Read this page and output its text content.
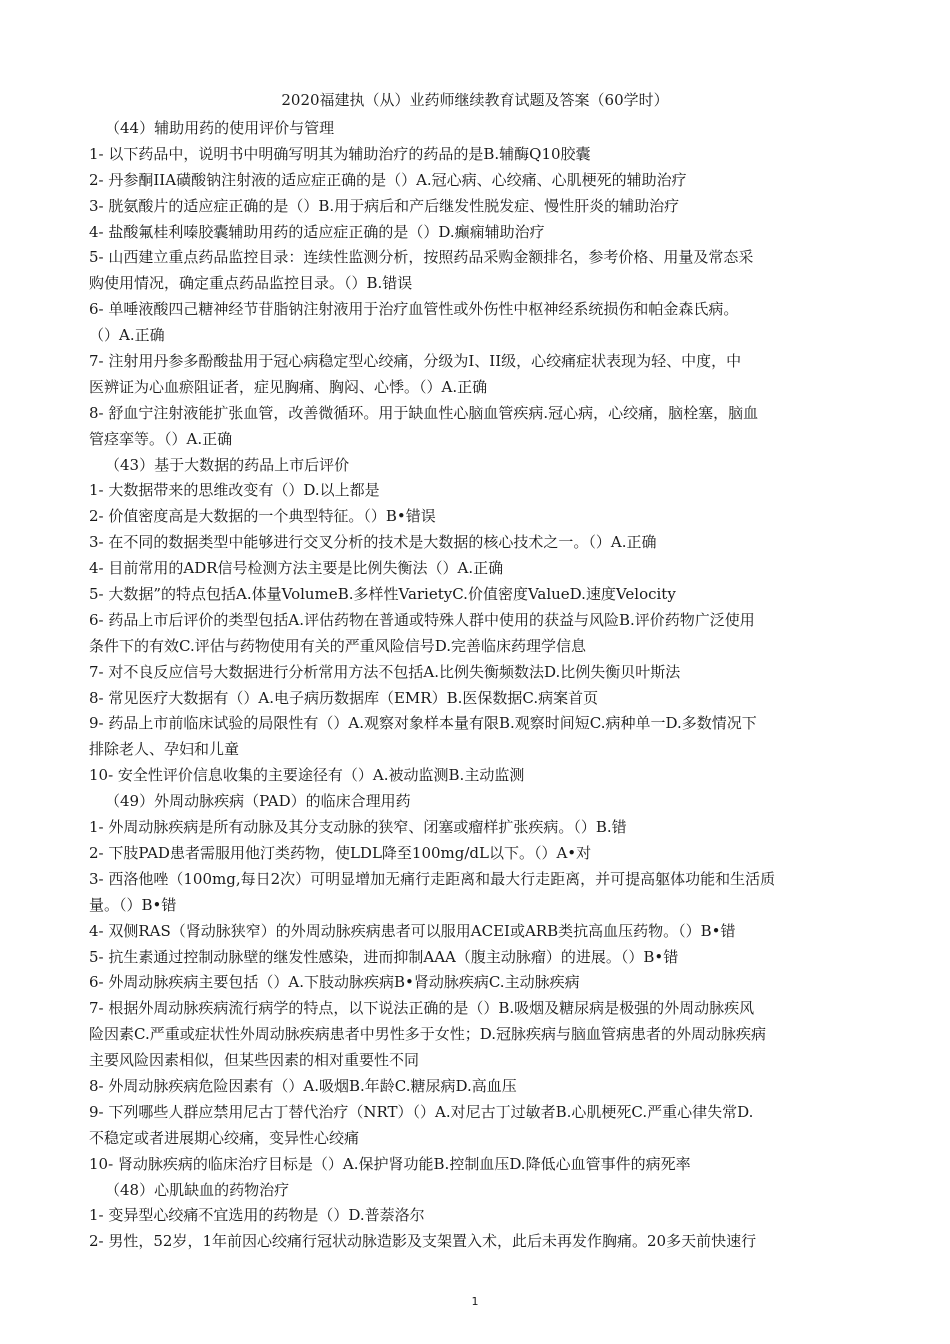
2020福建执（从）业药师继续教育试题及答案（60学时）
（44）辅助用药的使用评价与管理
1- 以下药品中，说明书中明确写明其为辅助治疗的药品的是B.辅酶Q10胶囊
2- 丹参酮IIA磺酸钠注射液的适应症正确的是（）A.冠心病、心绞痛、心肌梗死的辅助治疗
3- 胱氨酸片的适应症正确的是（）B.用于病后和产后继发性脱发症、慢性肝炎的辅助治疗
4- 盐酸氟桂利嗪胶囊辅助用药的适应症正确的是（）D.癫痫辅助治疗
5- 山西建立重点药品监控目录：连续性监测分析，按照药品采购金额排名，参考价格、用量及常态采
购使用情况，确定重点药品监控目录。（）B.错误
6- 单唾液酸四己糖神经节苷脂钠注射液用于治疗血管性或外伤性中枢神经系统损伤和帕金森氏病。
（）A.正确
7- 注射用丹参多酚酸盐用于冠心病稳定型心绞痛，分级为I、II级，心绞痛症状表现为轻、中度，中
医辨证为心血瘀阻证者，症见胸痛、胸闷、心悸。（）A.正确
8- 舒血宁注射液能扩张血管，改善微循环。用于缺血性心脑血管疾病.冠心病，心绞痛，脑栓塞，脑血
管痉挛等。（）A.正确
（43）基于大数据的药品上市后评价
1- 大数据带来的思维改变有（）D.以上都是
2- 价值密度高是大数据的一个典型特征。（）B•错误
3- 在不同的数据类型中能够进行交叉分析的技术是大数据的核心技术之一。（）A.正确
4- 目前常用的ADR信号检测方法主要是比例失衡法（）A.正确
5- 大数据”的特点包括A.体量VolumeB.多样性VarietyC.价值密度ValueD.速度Velocity
6- 药品上市后评价的类型包括A.评估药物在普通或特殊人群中使用的获益与风险B.评价药物广泛使用
条件下的有效C.评估与药物使用有关的严重风险信号D.完善临床药理学信息
7- 对不良反应信号大数据进行分析常用方法不包括A.比例失衡频数法D.比例失衡贝叶斯法
8- 常见医疗大数据有（）A.电子病历数据库（EMR）B.医保数据C.病案首页
9- 药品上市前临床试验的局限性有（）A.观察对象样本量有限B.观察时间短C.病种单一D.多数情况下
排除老人、孕妇和儿童
10- 安全性评价信息收集的主要途径有（）A.被动监测B.主动监测
（49）外周动脉疾病（PAD）的临床合理用药
1- 外周动脉疾病是所有动脉及其分支动脉的狭窄、闭塞或瘤样扩张疾病。（）B.错
2- 下肢PAD患者需服用他汀类药物，使LDL降至100mg/dL以下。（）A•对
3- 西洛他唑（100mg,每日2次）可明显增加无痛行走距离和最大行走距离，并可提高躯体功能和生活质
量。（）B•错
4- 双侧RAS（肾动脉狭窄）的外周动脉疾病患者可以服用ACEI或ARB类抗高血压药物。（）B•错
5- 抗生素通过控制动脉壁的继发性感染，进而抑制AAA（腹主动脉瘤）的进展。（）B•错
6- 外周动脉疾病主要包括（）A.下肢动脉疾病B•肾动脉疾病C.主动脉疾病
7- 根据外周动脉疾病流行病学的特点，以下说法正确的是（）B.吸烟及糖尿病是极强的外周动脉疾风
险因素C.严重或症状性外周动脉疾病患者中男性多于女性；D.冠脉疾病与脑血管病患者的外周动脉疾病
主要风险因素相似，但某些因素的相对重要性不同
8- 外周动脉疾病危险因素有（）A.吸烟B.年龄C.糖尿病D.高血压
9- 下列哪些人群应禁用尼古丁替代治疗（NRT）（）A.对尼古丁过敏者B.心肌梗死C.严重心律失常D.
不稳定或者进展期心绞痛，变异性心绞痛
10- 肾动脉疾病的临床治疗目标是（）A.保护肾功能B.控制血压D.降低心血管事件的病死率
（48）心肌缺血的药物治疗
1- 变异型心绞痛不宜选用的药物是（）D.普萘洛尔
2- 男性，52岁，1年前因心绞痛行冠状动脉造影及支架置入术，此后未再发作胸痛。20多天前快速行
1
